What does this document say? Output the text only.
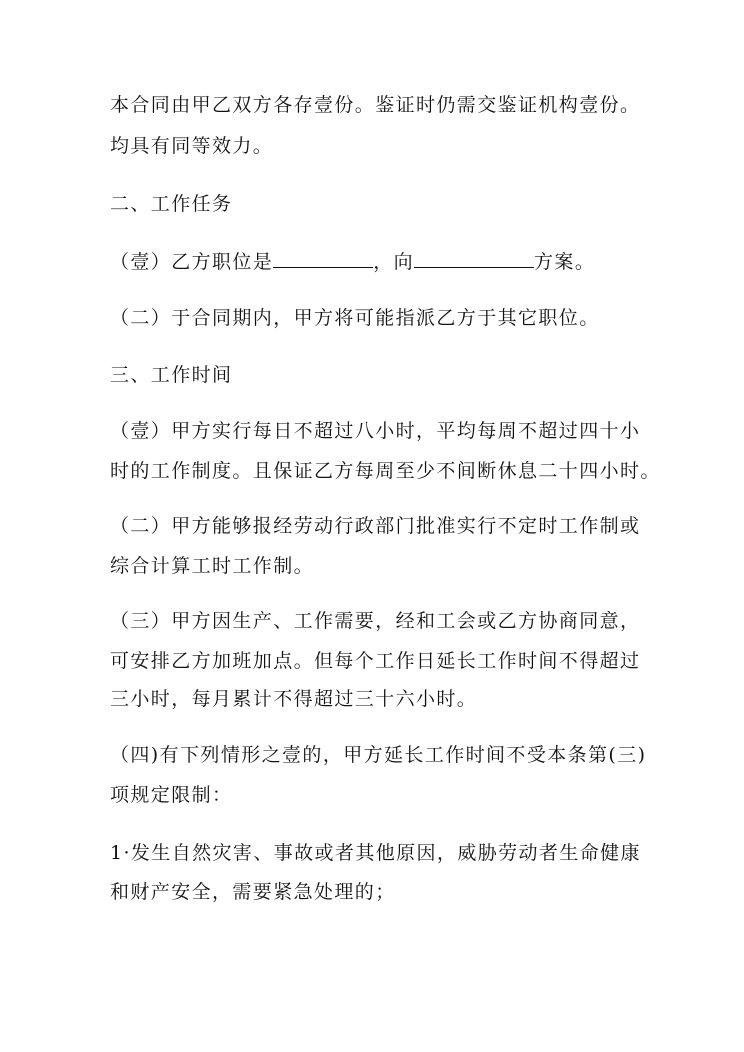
本合同由甲乙双方各存壹份。鉴证时仍需交鉴证机构壹份。
均具有同等效力。
二、工作任务
（壹）乙方职位是	，向	方案。
（二）于合同期内，甲方将可能指派乙方于其它职位。
三、工作时间
（壹）甲方实行每日不超过八小时，平均每周不超过四十小
时的工作制度。且保证乙方每周至少不间断休息二十四小时。
（二）甲方能够报经劳动行政部门批准实行不定时工作制或
综合计算工时工作制。
（三）甲方因生产、工作需要，经和工会或乙方协商同意，
可安排乙方加班加点。但每个工作日延长工作时间不得超过
三小时，每月累计不得超过三十六小时。
（四)有下列情形之壹的，甲方延长工作时间不受本条第(三)
项规定限制：
1·发生自然灾害、事故或者其他原因，威胁劳动者生命健康
和财产安全，需要紧急处理的；
